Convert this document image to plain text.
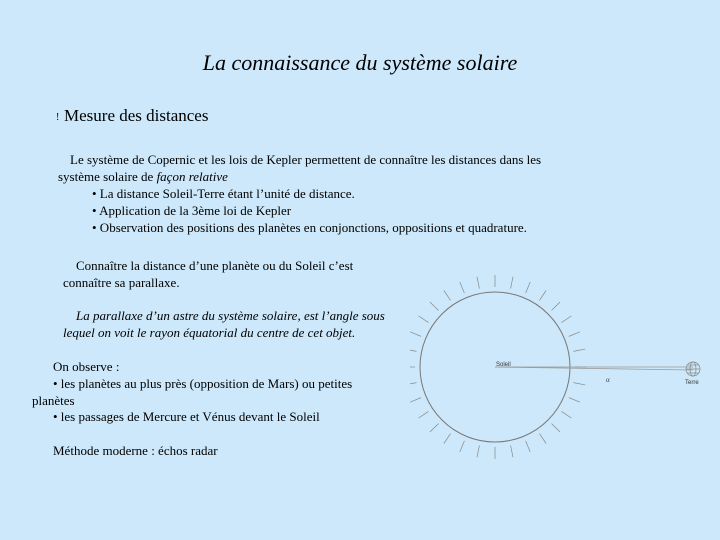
La connaissance du système solaire
! Mesure des distances
Le système de Copernic et les lois de Kepler permettent de connaître les distances dans les
système solaire de façon relative
• La distance Soleil-Terre étant l’unité de distance.
• Application de la 3ème loi de Kepler
• Observation des positions des planètes en conjonctions, oppositions et quadrature.
Connaître la distance d’une planète ou du Soleil c’est
connaître sa parallaxe.
La parallaxe d’un astre du système solaire, est l’angle sous
lequel on voit le rayon équatorial du centre de cet objet.
On observe :
• les planètes au plus près (opposition de Mars) ou petites
planètes
• les passages de Mercure et Vénus devant le Soleil
Méthode moderne : échos radar
Soleil
Terre
α
